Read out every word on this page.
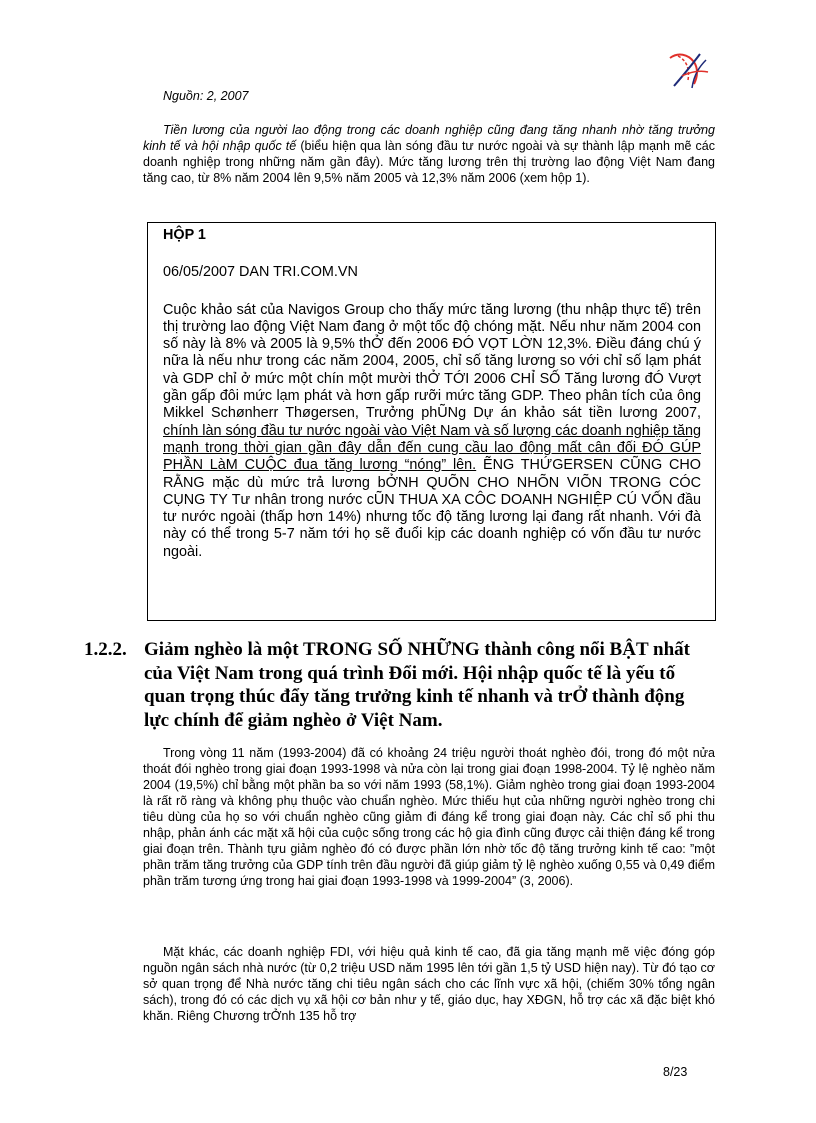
Nguồn: 2, 2007

Tiền lương của người lao động trong các doanh nghiệp cũng đang tăng nhanh nhờ tăng trưởng kinh tế và hội nhập quốc tế (biểu hiện qua làn sóng đầu tư nước ngoài và sự thành lập mạnh mẽ các doanh nghiệp trong những năm gần đây). Mức tăng lương trên thị trường lao động Việt Nam đang tăng cao, từ 8% năm 2004 lên 9,5% năm 2005 và 12,3% năm 2006 (xem hộp 1).

HỘP 1

06/05/2007 DAN TRI.COM.VN

Cuộc khảo sát của Navigos Group cho thấy mức tăng lương (thu nhập thực tế) trên thị trường lao động Việt Nam đang ở một tốc độ chóng mặt. Nếu như năm 2004 con số này là 8% và 2005 là 9,5% thỞ đến 2006 ĐÓ VỌT LỜN 12,3%. Điều đáng chú ý nữa là nếu như trong các năm 2004, 2005, chỉ số tăng lương so với chỉ số lạm phát và GDP chỉ ở mức một chín một mười thỞ TỚI 2006 CHỈ SỐ Tăng lương đÓ Vượt gần gấp đôi mức lạm phát và hơn gấp rưỡi mức tăng GDP. Theo phân tích của ông Mikkel Schønherr Thøgersen, Trưởng phŨNg Dự án khảo sát tiền lương 2007, chính làn sóng đầu tư nước ngoài vào Việt Nam và số lượng các doanh nghiệp tăng mạnh trong thời gian gần đây dẫn đến cung cầu lao động mất cân đối ĐÓ GÚP PHẦN LàM CUỘC đua tăng lương “nóng” lên. ẼNG THỨGERSEN CŨNG CHO RẰNG mặc dù mức trả lương bỞNH QUÕN CHO NHÕN VIÕN TRONG CÓC CỤNG TY Tư nhân trong nước cŨN THUA XA CÔC DOANH NGHIỆP CÚ VỐN đầu tư nước ngoài (thấp hơn 14%) nhưng tốc độ tăng lương lại đang rất nhanh. Với đà này có thể trong 5-7 năm tới họ sẽ đuổi kịp các doanh nghiệp có vốn đầu tư nước ngoài.

1.2.2. Giảm nghèo là một TRONG SỐ NHỮNG thành công nổi BẬT nhất
của Việt Nam trong quá trình Đổi mới. Hội nhập quốc tế là yếu tố
quan trọng thúc đẩy tăng trưởng kinh tế nhanh và trỞ thành động
lực chính để giảm nghèo ở Việt Nam.

Trong vòng 11 năm (1993-2004) đã có khoảng 24 triệu người thoát nghèo đói, trong đó một nửa thoát đói nghèo trong giai đoạn 1993-1998 và nửa còn lại trong giai đoạn 1998-2004. Tỷ lệ nghèo năm 2004 (19,5%) chỉ bằng một phần ba so với năm 1993 (58,1%). Giảm nghèo trong giai đoạn 1993-2004 là rất rõ ràng và không phụ thuộc vào chuẩn nghèo. Mức thiếu hụt của những người nghèo trong chi tiêu dùng của họ so với chuẩn nghèo cũng giảm đi đáng kể trong giai đoạn này. Các chỉ số phi thu nhập, phản ánh các mặt xã hội của cuộc sống trong các hộ gia đình cũng được cải thiện đáng kể trong giai đoạn trên. Thành tựu giảm nghèo đó có được phần lớn nhờ tốc độ tăng trưởng kinh tế cao: ”một phần trăm tăng trưởng của GDP tính trên đầu người đã giúp giảm tỷ lệ nghèo xuống 0,55 và 0,49 điểm phần trăm tương ứng trong hai giai đoạn 1993-1998 và 1999-2004” (3, 2006).

Mặt khác, các doanh nghiệp FDI, với hiệu quả kinh tế cao, đã gia tăng mạnh mẽ việc đóng góp nguồn ngân sách nhà nước (từ 0,2 triệu USD năm 1995 lên tới gần 1,5 tỷ USD hiện nay). Từ đó tạo cơ sở quan trọng để Nhà nước tăng chi tiêu ngân sách cho các lĩnh vực xã hội, (chiếm 30% tổng ngân sách), trong đó có các dịch vụ xã hội cơ bản như y tế, giáo dục, hay XĐGN, hỗ trợ các xã đặc biệt khó khăn. Riêng Chương trỞnh 135 hỗ trợ

8/23
